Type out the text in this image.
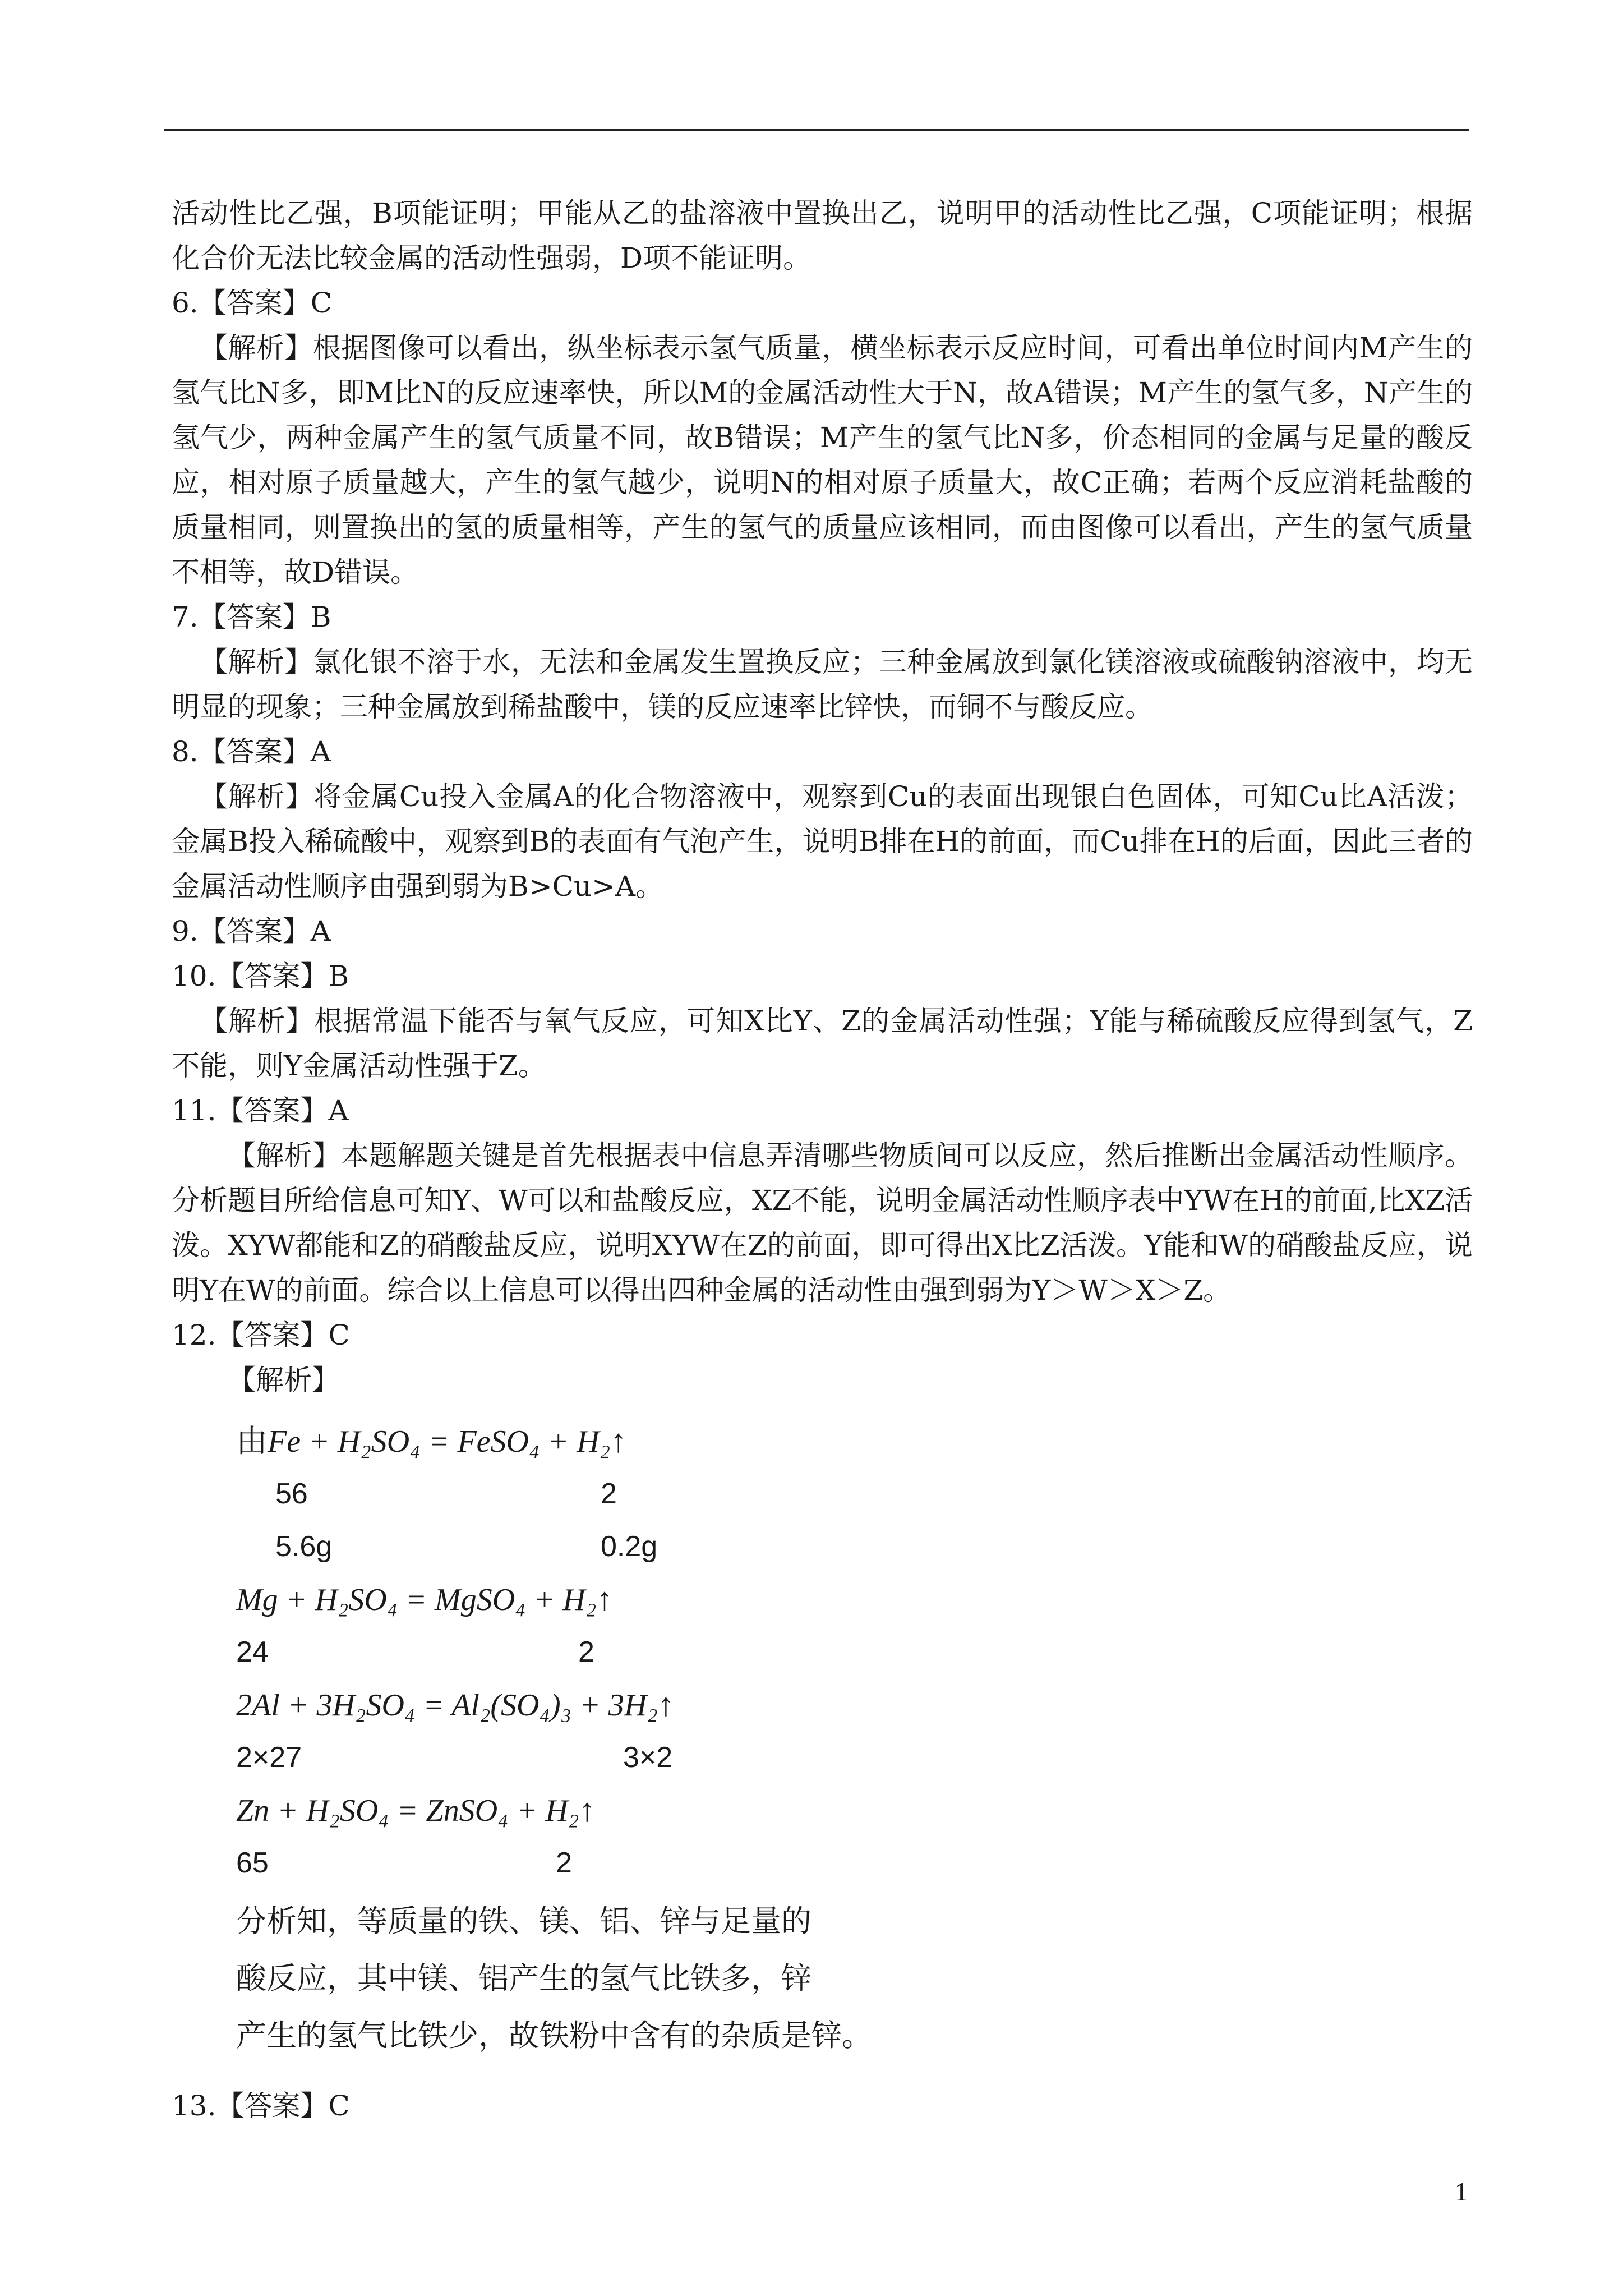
活动性比乙强，B项能证明；甲能从乙的盐溶液中置换出乙，说明甲的活动性比乙强，C项能证明；根据化合价无法比较金属的活动性强弱，D项不能证明。

6.【答案】C

【解析】根据图像可以看出，纵坐标表示氢气质量，横坐标表示反应时间，可看出单位时间内M产生的氢气比N多，即M比N的反应速率快，所以M的金属活动性大于N，故A错误；M产生的氢气多，N产生的氢气少，两种金属产生的氢气质量不同，故B错误；M产生的氢气比N多，价态相同的金属与足量的酸反应，相对原子质量越大，产生的氢气越少，说明N的相对原子质量大，故C正确；若两个反应消耗盐酸的质量相同，则置换出的氢的质量相等，产生的氢气的质量应该相同，而由图像可以看出，产生的氢气质量不相等，故D错误。

7.【答案】B

【解析】氯化银不溶于水，无法和金属发生置换反应；三种金属放到氯化镁溶液或硫酸钠溶液中，均无明显的现象；三种金属放到稀盐酸中，镁的反应速率比锌快，而铜不与酸反应。

8.【答案】A

【解析】将金属Cu投入金属A的化合物溶液中，观察到Cu的表面出现银白色固体，可知Cu比A活泼；金属B投入稀硫酸中，观察到B的表面有气泡产生，说明B排在H的前面，而Cu排在H的后面，因此三者的金属活动性顺序由强到弱为B>Cu>A。

9.【答案】A

10.【答案】B

【解析】根据常温下能否与氧气反应，可知X比Y、Z的金属活动性强；Y能与稀硫酸反应得到氢气，Z不能，则Y金属活动性强于Z。

11.【答案】A

【解析】本题解题关键是首先根据表中信息弄清哪些物质间可以反应，然后推断出金属活动性顺序。分析题目所给信息可知Y、W可以和盐酸反应，XZ不能，说明金属活动性顺序表中YW在H的前面,比XZ活泼。XYW都能和Z的硝酸盐反应，说明XYW在Z的前面，即可得出X比Z活泼。Y能和W的硝酸盐反应，说明Y在W的前面。综合以上信息可以得出四种金属的活动性由强到弱为Y＞W＞X＞Z。

12.【答案】C

【解析】

由Fe + H₂SO₄ = FeSO₄ + H₂↑
56	2
5.6g	0.2g
Mg + H₂SO₄ = MgSO₄ + H₂↑
24	2
2Al + 3H₂SO₄ = Al₂(SO₄)₃ + 3H₂↑
2×27	3×2
Zn + H₂SO₄ = ZnSO₄ + H₂↑
65	2
分析知，等质量的铁、镁、铝、锌与足量的
酸反应，其中镁、铝产生的氢气比铁多，锌
产生的氢气比铁少，故铁粉中含有的杂质是锌。

13.【答案】C

1
